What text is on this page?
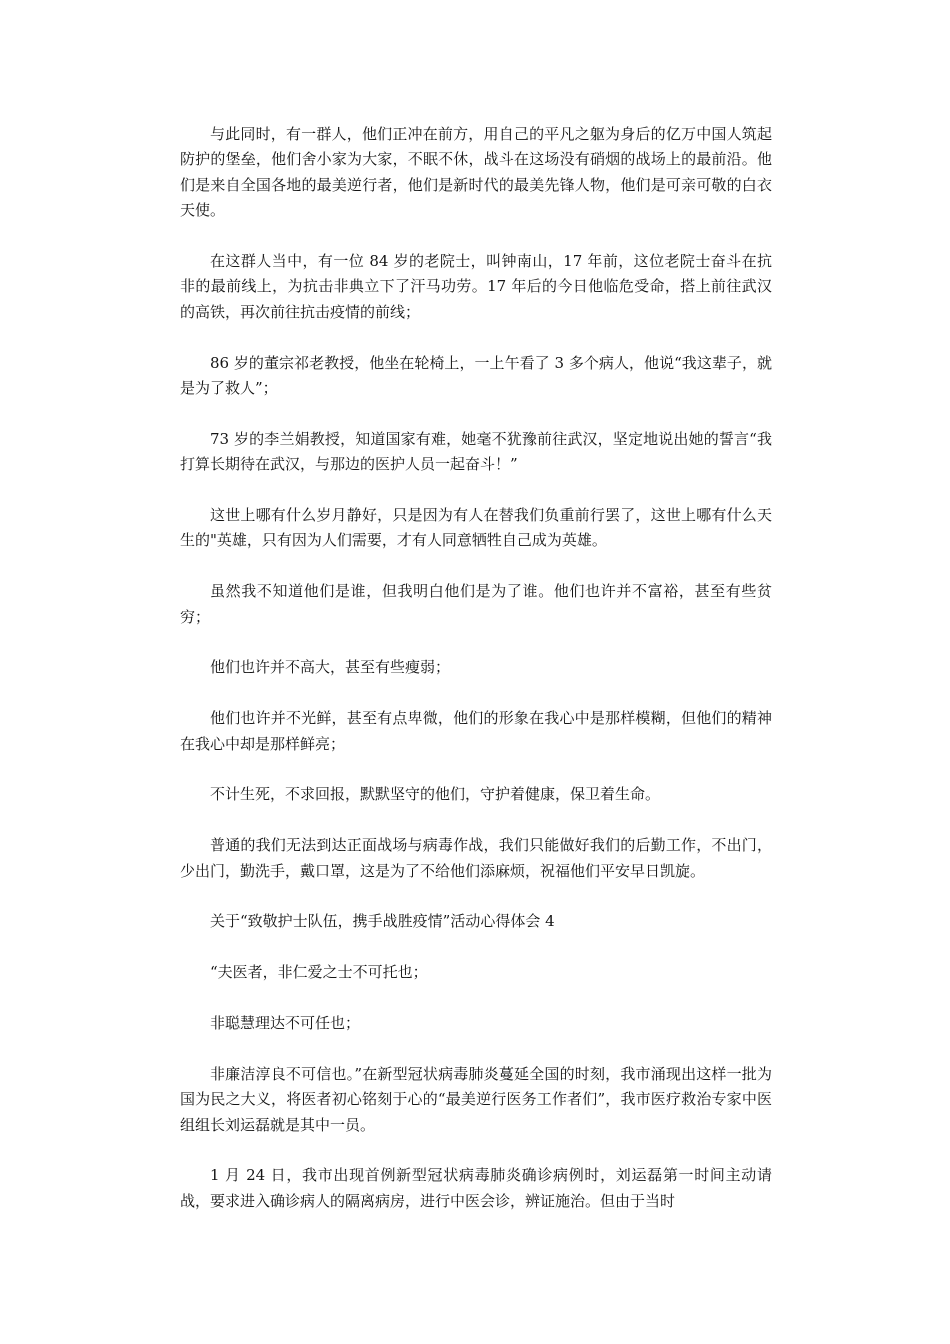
与此同时，有一群人，他们正冲在前方，用自己的平凡之躯为身后的亿万中国人筑起防护的堡垒，他们舍小家为大家，不眠不休，战斗在这场没有硝烟的战场上的最前沿。他们是来自全国各地的最美逆行者，他们是新时代的最美先锋人物，他们是可亲可敬的白衣天使。

在这群人当中，有一位 84 岁的老院士，叫钟南山，17 年前，这位老院士奋斗在抗非的最前线上，为抗击非典立下了汗马功劳。17 年后的今日他临危受命，搭上前往武汉的高铁，再次前往抗击疫情的前线；

86 岁的董宗祁老教授，他坐在轮椅上，一上午看了 3 多个病人，他说“我这辈子，就是为了救人”；

73 岁的李兰娟教授，知道国家有难，她毫不犹豫前往武汉，坚定地说出她的誓言“我打算长期待在武汉，与那边的医护人员一起奋斗！”

这世上哪有什么岁月静好，只是因为有人在替我们负重前行罢了，这世上哪有什么天生的"英雄，只有因为人们需要，才有人同意牺牲自己成为英雄。

虽然我不知道他们是谁，但我明白他们是为了谁。他们也许并不富裕，甚至有些贫穷；

他们也许并不高大，甚至有些瘦弱；

他们也许并不光鲜，甚至有点卑微，他们的形象在我心中是那样模糊，但他们的精神在我心中却是那样鲜亮；

不计生死，不求回报，默默坚守的他们，守护着健康，保卫着生命。

普通的我们无法到达正面战场与病毒作战，我们只能做好我们的后勤工作，不出门，少出门，勤洗手，戴口罩，这是为了不给他们添麻烦，祝福他们平安早日凯旋。

关于“致敬护士队伍，携手战胜疫情”活动心得体会 4

“夫医者，非仁爱之士不可托也；

非聪慧理达不可任也；

非廉洁淳良不可信也。”在新型冠状病毒肺炎蔓延全国的时刻，我市涌现出这样一批为国为民之大义，将医者初心铭刻于心的“最美逆行医务工作者们”，我市医疗救治专家中医组组长刘运磊就是其中一员。

1 月 24 日，我市出现首例新型冠状病毒肺炎确诊病例时，刘运磊第一时间主动请战，要求进入确诊病人的隔离病房，进行中医会诊，辨证施治。但由于当时
